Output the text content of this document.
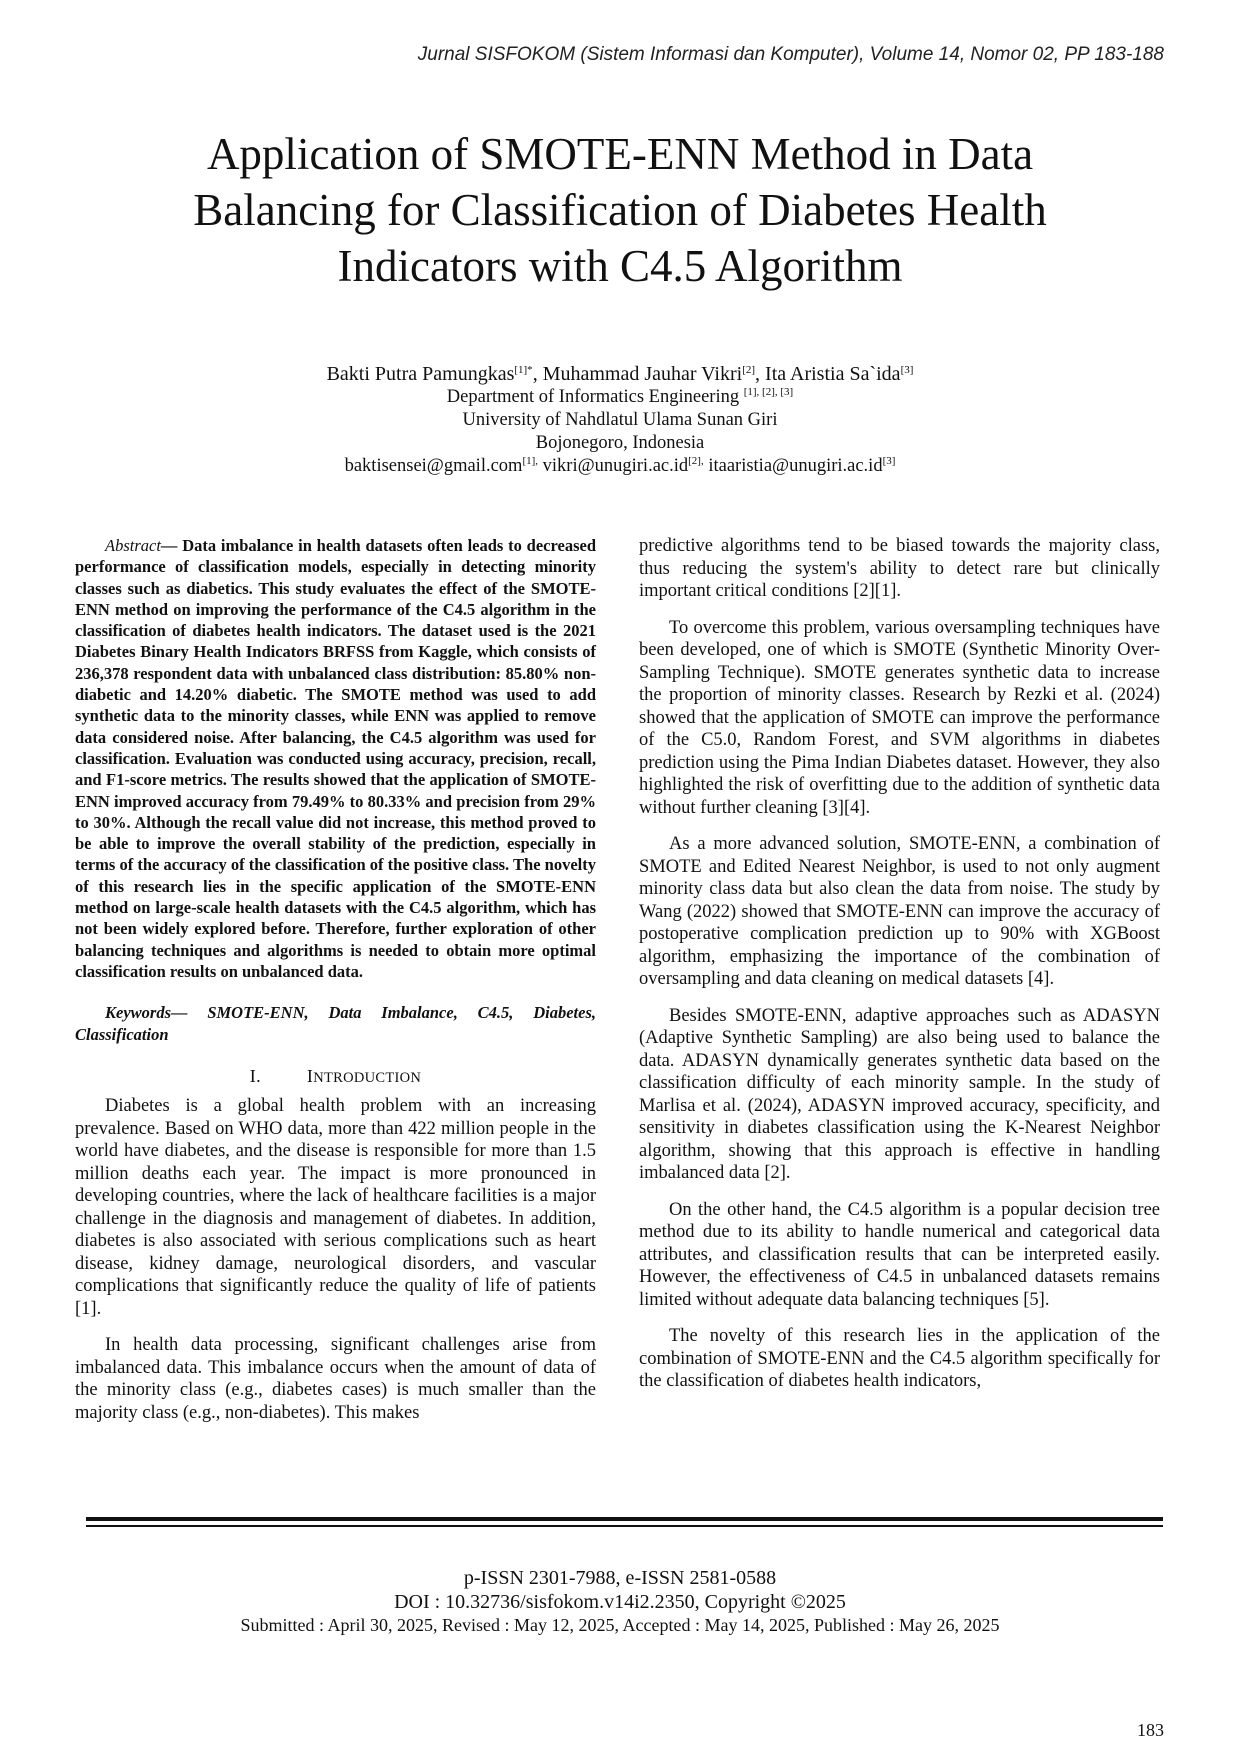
Jurnal SISFOKOM (Sistem Informasi dan Komputer), Volume 14, Nomor 02, PP 183-188
Application of SMOTE-ENN Method in Data
Balancing for Classification of Diabetes Health
Indicators with C4.5 Algorithm
Bakti Putra Pamungkas$^{[1]*}$, Muhammad Jauhar Vikri[2], Ita Aristia Sa`ida[3]
Department of Informatics Engineering [1], [2], [3]
University of Nahdlatul Ulama Sunan Giri
Bojonegoro, Indonesia
baktisensei@gmail.com$^{[1],}$ $vikri@unugiri.ac.id^{[2],}$ itaaristia@unugiri.ac.id[3]
Abstract— Data imbalance in health datasets often leads to decreased performance of classification models, especially in detecting minority classes such as diabetics. This study evaluates the effect of the SMOTE-ENN method on improving the performance of the C4.5 algorithm in the classification of diabetes health indicators. The dataset used is the 2021 Diabetes Binary Health Indicators BRFSS from Kaggle, which consists of 236,378 respondent data with unbalanced class distribution: 85.80% non-diabetic and 14.20% diabetic. The SMOTE method was used to add synthetic data to the minority classes, while ENN was applied to remove data considered noise. After balancing, the C4.5 algorithm was used for classification. Evaluation was conducted using accuracy, precision, recall, and F1-score metrics. The results showed that the application of SMOTE-ENN improved accuracy from 79.49% to 80.33% and precision from 29% to 30%. Although the recall value did not increase, this method proved to be able to improve the overall stability of the prediction, especially in terms of the accuracy of the classification of the positive class. The novelty of this research lies in the specific application of the SMOTE-ENN method on large-scale health datasets with the C4.5 algorithm, which has not been widely explored before. Therefore, further exploration of other balancing techniques and algorithms is needed to obtain more optimal classification results on unbalanced data.
Keywords— SMOTE-ENN, Data Imbalance, C4.5, Diabetes, Classification
I.	INTRODUCTION

Diabetes is a global health problem with an increasing prevalence. Based on WHO data, more than 422 million people in the world have diabetes, and the disease is responsible for more than 1.5 million deaths each year. The impact is more pronounced in developing countries, where the lack of healthcare facilities is a major challenge in the diagnosis and management of diabetes. In addition, diabetes is also associated with serious complications such as heart disease, kidney damage, neurological disorders, and vascular complications that significantly reduce the quality of life of patients [1].

In health data processing, significant challenges arise from imbalanced data. This imbalance occurs when the amount of data of the minority class (e.g., diabetes cases) is much smaller than the majority class (e.g., non-diabetes). This makes

predictive algorithms tend to be biased towards the majority class, thus reducing the system's ability to detect rare but clinically important critical conditions [2][1].

To overcome this problem, various oversampling techniques have been developed, one of which is SMOTE (Synthetic Minority Over-Sampling Technique). SMOTE generates synthetic data to increase the proportion of minority classes. Research by Rezki et al. (2024) showed that the application of SMOTE can improve the performance of the C5.0, Random Forest, and SVM algorithms in diabetes prediction using the Pima Indian Diabetes dataset. However, they also highlighted the risk of overfitting due to the addition of synthetic data without further cleaning [3][4].

As a more advanced solution, SMOTE-ENN, a combination of SMOTE and Edited Nearest Neighbor, is used to not only augment minority class data but also clean the data from noise. The study by Wang (2022) showed that SMOTE-ENN can improve the accuracy of postoperative complication prediction up to 90% with XGBoost algorithm, emphasizing the importance of the combination of oversampling and data cleaning on medical datasets [4].

Besides SMOTE-ENN, adaptive approaches such as ADASYN (Adaptive Synthetic Sampling) are also being used to balance the data. ADASYN dynamically generates synthetic data based on the classification difficulty of each minority sample. In the study of Marlisa et al. (2024), ADASYN improved accuracy, specificity, and sensitivity in diabetes classification using the K-Nearest Neighbor algorithm, showing that this approach is effective in handling imbalanced data [2].

On the other hand, the C4.5 algorithm is a popular decision tree method due to its ability to handle numerical and categorical data attributes, and classification results that can be interpreted easily. However, the effectiveness of C4.5 in unbalanced datasets remains limited without adequate data balancing techniques [5].

The novelty of this research lies in the application of the combination of SMOTE-ENN and the C4.5 algorithm specifically for the classification of diabetes health indicators,

p-ISSN 2301-7988, e-ISSN 2581-0588
DOI : 10.32736/sisfokom.v14i2.2350, Copyright ©2025
Submitted : April 30, 2025, Revised : May 12, 2025, Accepted : May 14, 2025, Published : May 26, 2025
183
